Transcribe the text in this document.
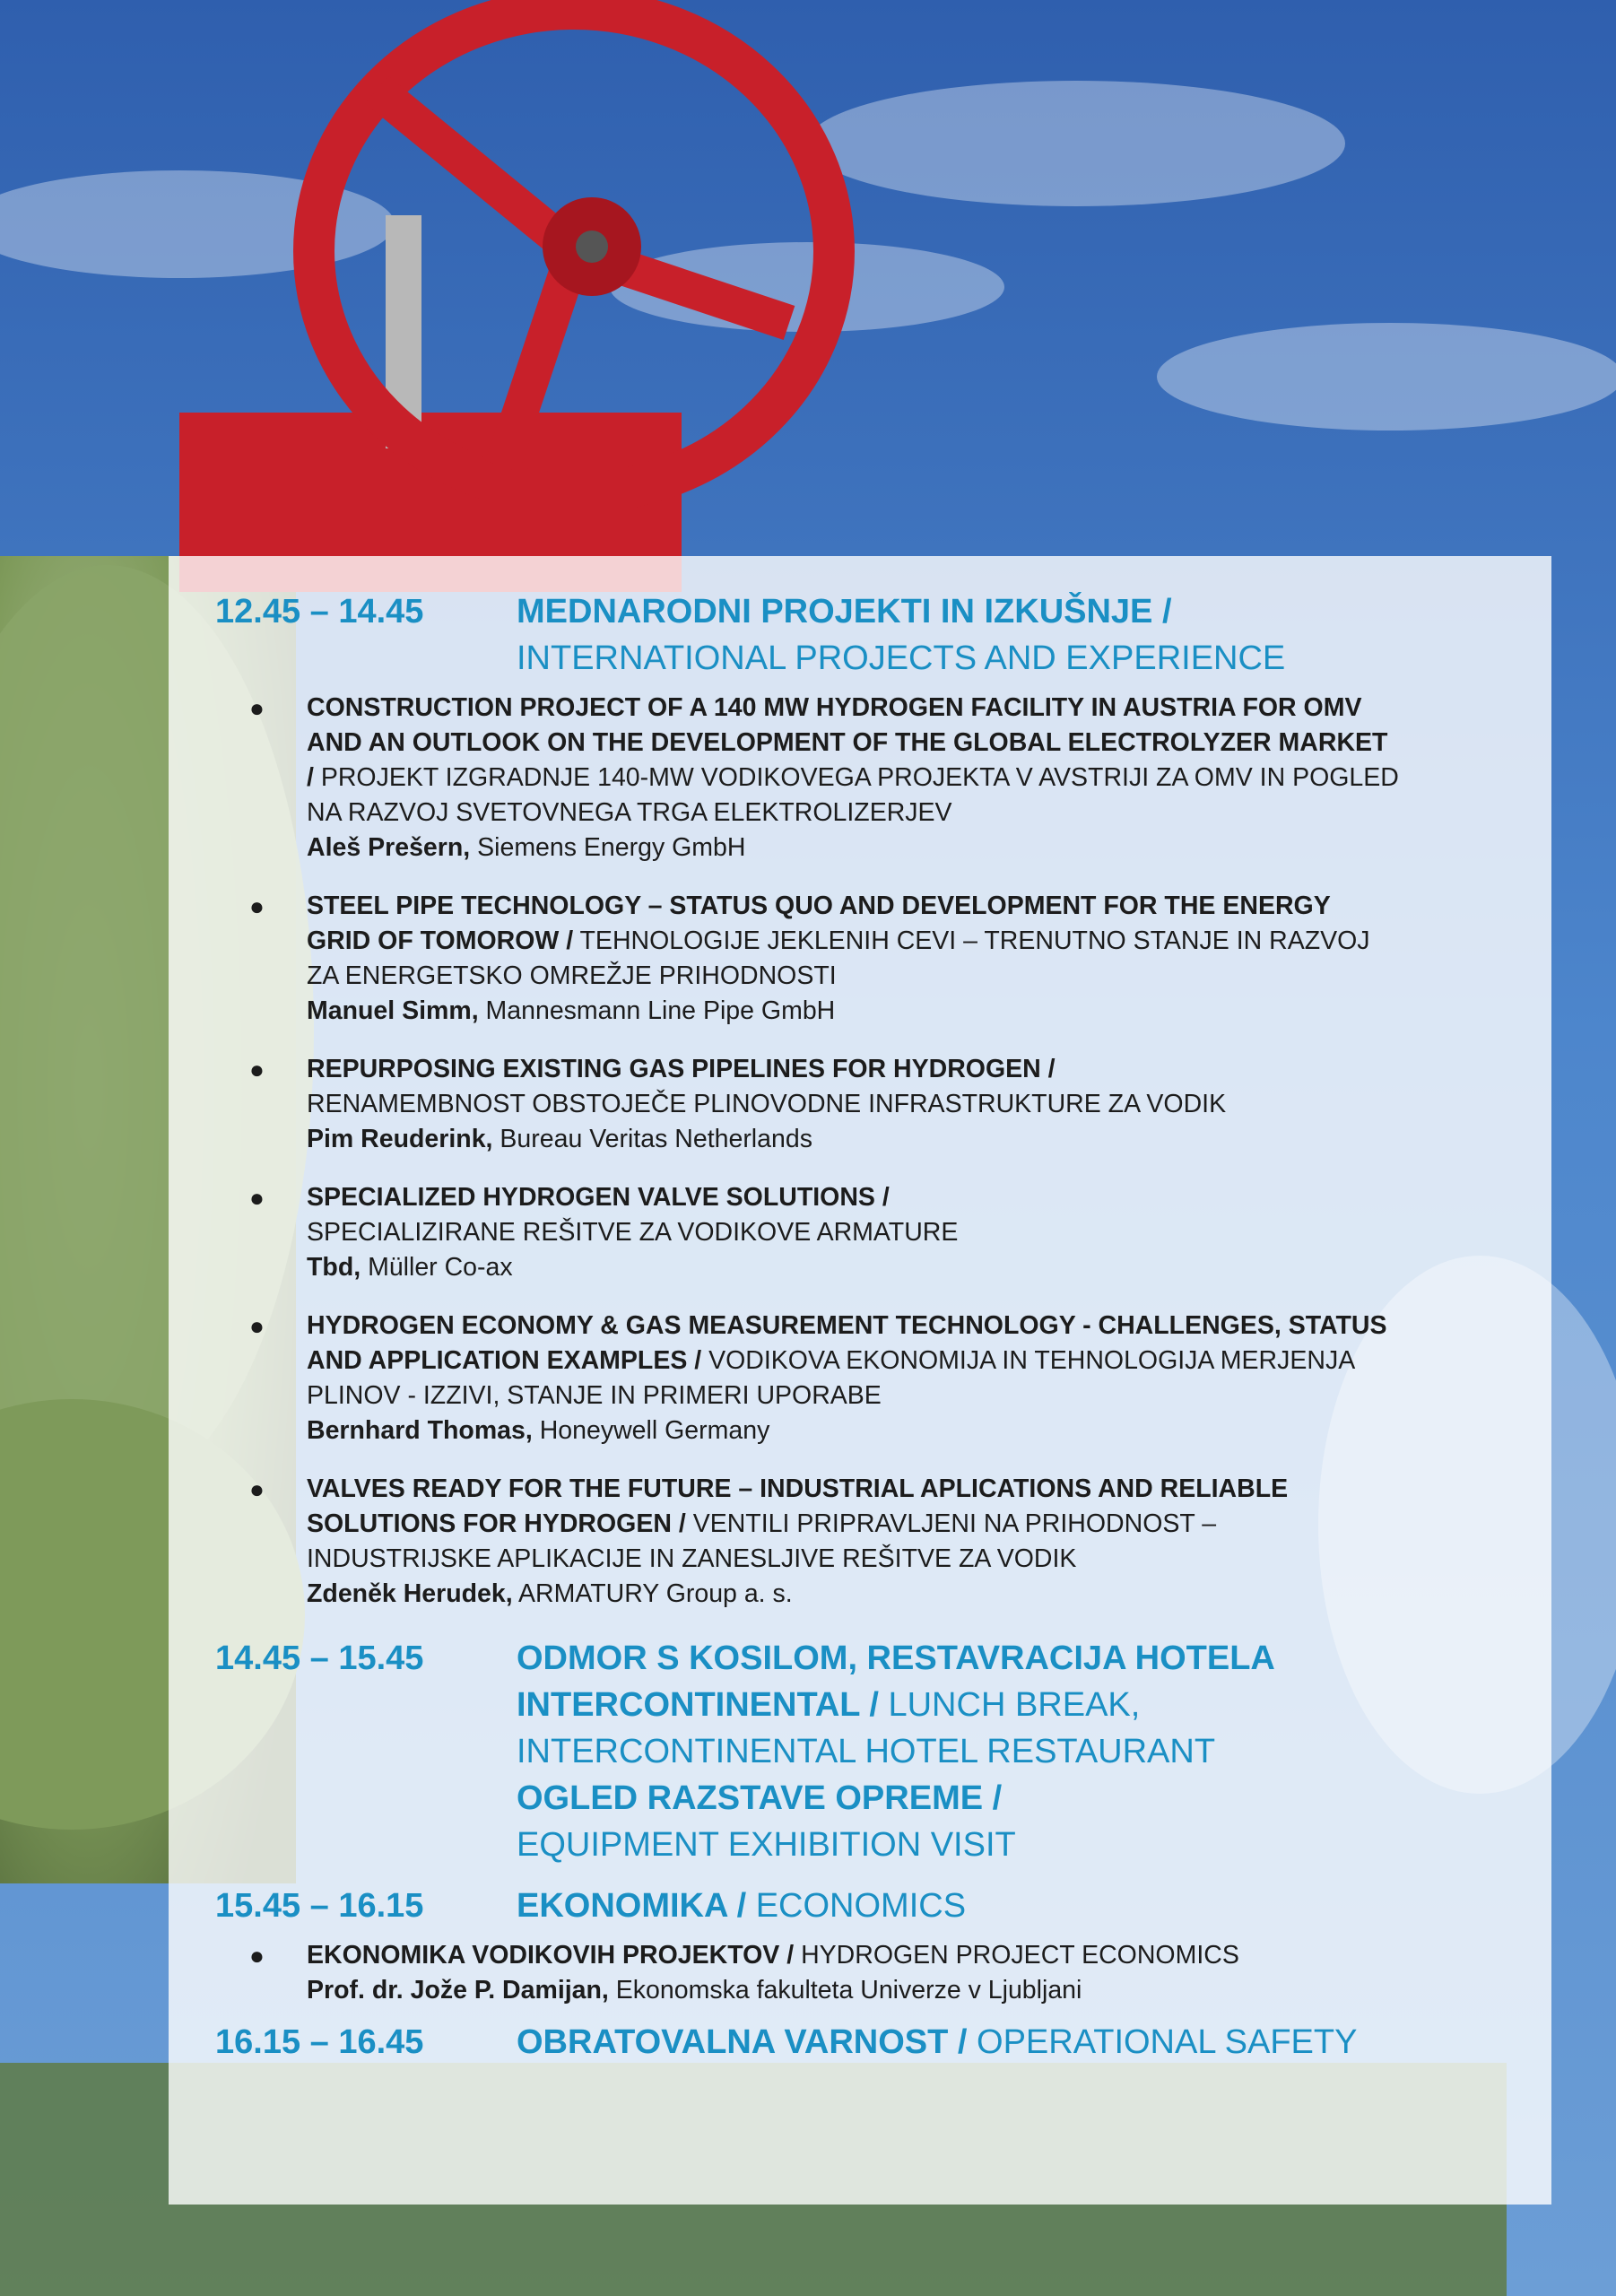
12.45 – 14.45	MEDNARODNI PROJEKTI IN IZKUŠNJE /
INTERNATIONAL PROJECTS AND EXPERIENCE
● CONSTRUCTION PROJECT OF A 140 MW HYDROGEN FACILITY IN AUSTRIA FOR OMV
AND AN OUTLOOK ON THE DEVELOPMENT OF THE GLOBAL ELECTROLYZER MARKET
/ PROJEKT IZGRADNJE 140-MW VODIKOVEGA PROJEKTA V AVSTRIJI ZA OMV IN POGLED
NA RAZVOJ SVETOVNEGA TRGA ELEKTROLIZERJEV
Aleš Prešern, Siemens Energy GmbH
● STEEL PIPE TECHNOLOGY – STATUS QUO AND DEVELOPMENT FOR THE ENERGY
GRID OF TOMOROW / TEHNOLOGIJE JEKLENIH CEVI – TRENUTNO STANJE IN RAZVOJ
ZA ENERGETSKO OMREŽJE PRIHODNOSTI
Manuel Simm, Mannesmann Line Pipe GmbH
● REPURPOSING EXISTING GAS PIPELINES FOR HYDROGEN /
RENAMEMBNOST OBSTOJEČE PLINOVODNE INFRASTRUKTURE ZA VODIK
Pim Reuderink, Bureau Veritas Netherlands
● SPECIALIZED HYDROGEN VALVE SOLUTIONS /
SPECIALIZIRANE REŠITVE ZA VODIKOVE ARMATURE
Tbd, Müller Co-ax
● HYDROGEN ECONOMY & GAS MEASUREMENT TECHNOLOGY - CHALLENGES, STATUS
AND APPLICATION EXAMPLES / VODIKOVA EKONOMIJA IN TEHNOLOGIJA MERJENJA
PLINOV - IZZIVI, STANJE IN PRIMERI UPORABE
Bernhard Thomas, Honeywell Germany
● VALVES READY FOR THE FUTURE – INDUSTRIAL APLICATIONS AND RELIABLE
SOLUTIONS FOR HYDROGEN / VENTILI PRIPRAVLJENI NA PRIHODNOST –
INDUSTRIJSKE APLIKACIJE IN ZANESLJIVE REŠITVE ZA VODIK
Zdeněk Herudek, ARMATURY Group a. s.
14.45 – 15.45	ODMOR S KOSILOM, RESTAVRACIJA HOTELA
INTERCONTINENTAL / LUNCH BREAK,
INTERCONTINENTAL HOTEL RESTAURANT
OGLED RAZSTAVE OPREME /
EQUIPMENT EXHIBITION VISIT
15.45 – 16.15	EKONOMIKA / ECONOMICS
● EKONOMIKA VODIKOVIH PROJEKTOV / HYDROGEN PROJECT ECONOMICS
Prof. dr. Jože P. Damijan, Ekonomska fakulteta Univerze v Ljubljani
16.15 – 16.45	OBRATOVALNA VARNOST / OPERATIONAL SAFETY
